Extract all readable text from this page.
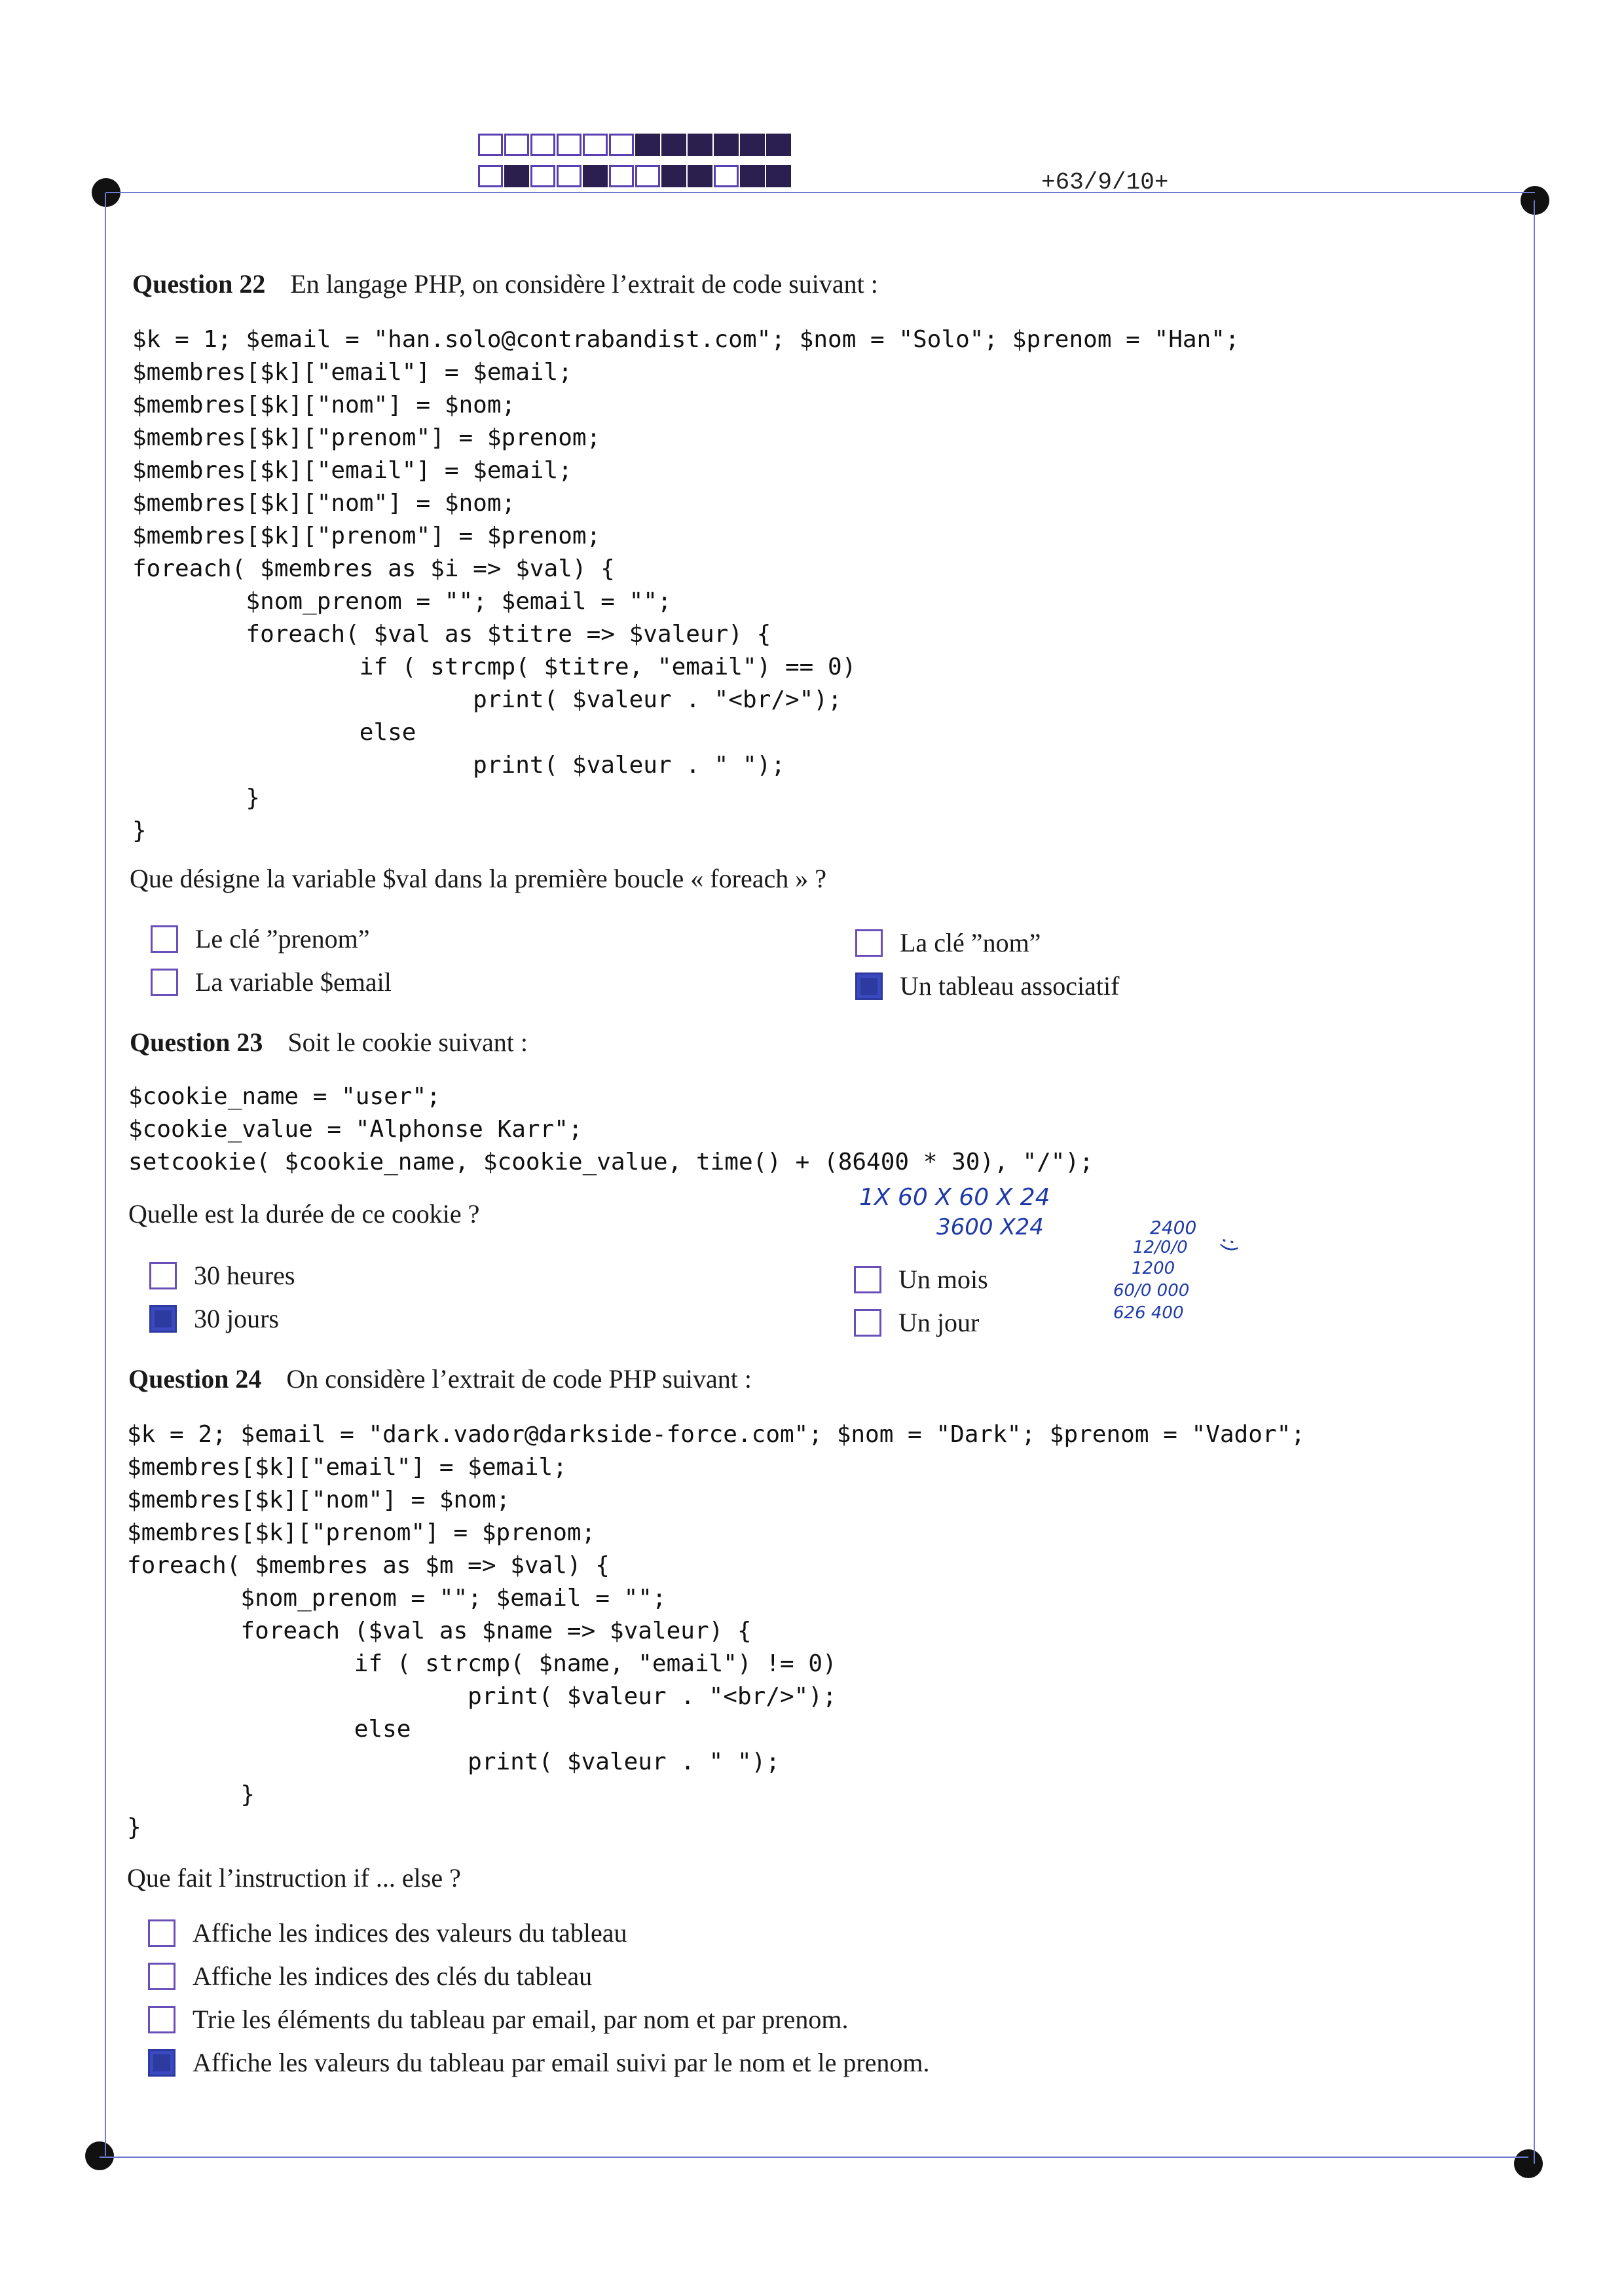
+63/9/10+
Question 22 En langage PHP, on considère l’extrait de code suivant :
$k = 1; $email = "han.solo@contrabandist.com"; $nom = "Solo"; $prenom = "Han";
$membres[$k]["email"] = $email;
$membres[$k]["nom"] = $nom;
$membres[$k]["prenom"] = $prenom;
$membres[$k]["email"] = $email;
$membres[$k]["nom"] = $nom;
$membres[$k]["prenom"] = $prenom;
foreach( $membres as $i => $val) {
$nom_prenom = ""; $email = "";
foreach( $val as $titre => $valeur) {
if ( strcmp( $titre, "email") == 0)
print( $valeur . "<br/>");
else
print( $valeur . " ");
}
}
Que désigne la variable $val dans la première boucle « foreach » ?
Le clé ”prenom”
La variable $email
La clé ”nom”
Un tableau associatif
Question 23 Soit le cookie suivant :
$cookie_name = "user";
$cookie_value = "Alphonse Karr";
setcookie( $cookie_name, $cookie_value, time() + (86400 * 30), "/");
Quelle est la durée de ce cookie ?
1X 60 X 60 X 24
3600 X24	2400
12/0/0
1200
60/0 000
626 400
:)
30 heures
30 jours
Un mois
Un jour
Question 24 On considère l’extrait de code PHP suivant :
$k = 2; $email = "dark.vador@darkside-force.com"; $nom = "Dark"; $prenom = "Vador";
$membres[$k]["email"] = $email;
$membres[$k]["nom"] = $nom;
$membres[$k]["prenom"] = $prenom;
foreach( $membres as $m => $val) {
$nom_prenom = ""; $email = "";
foreach ($val as $name => $valeur) {
if ( strcmp( $name, "email") != 0)
print( $valeur . "<br/>");
else
print( $valeur . " ");
}
}
Que fait l’instruction if ... else ?
Affiche les indices des valeurs du tableau
Affiche les indices des clés du tableau
Trie les éléments du tableau par email, par nom et par prenom.
Affiche les valeurs du tableau par email suivi par le nom et le prenom.
